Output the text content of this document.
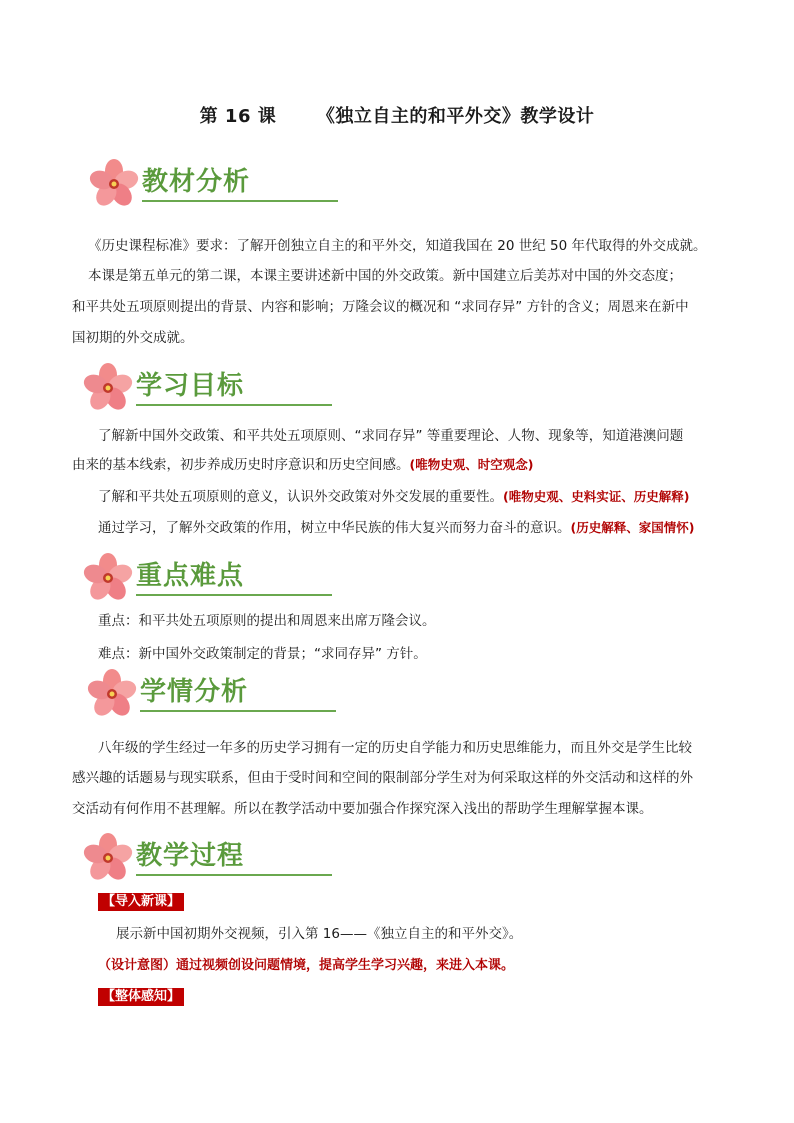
第 16 课      《独立自主的和平外交》教学设计
教材分析
《历史课程标准》要求：了解开创独立自主的和平外交，知道我国在 20 世纪 50 年代取得的外交成就。
本课是第五单元的第二课，本课主要讲述新中国的外交政策。新中国建立后美苏对中国的外交态度；
和平共处五项原则提出的背景、内容和影响；万隆会议的概况和 “求同存异” 方针的含义；周恩来在新中
国初期的外交成就。
学习目标
了解新中国外交政策、和平共处五项原则、“求同存异” 等重要理论、人物、现象等，知道港澳问题
由来的基本线索，初步养成历史时序意识和历史空间感。(唯物史观、时空观念)
了解和平共处五项原则的意义，认识外交政策对外交发展的重要性。(唯物史观、史料实证、历史解释)
通过学习，了解外交政策的作用，树立中华民族的伟大复兴而努力奋斗的意识。(历史解释、家国情怀)
重点难点
重点：和平共处五项原则的提出和周恩来出席万隆会议。
难点：新中国外交政策制定的背景；“求同存异” 方针。
学情分析
八年级的学生经过一年多的历史学习拥有一定的历史自学能力和历史思维能力，而且外交是学生比较
感兴趣的话题易与现实联系，但由于受时间和空间的限制部分学生对为何采取这样的外交活动和这样的外
交活动有何作用不甚理解。所以在教学活动中要加强合作探究深入浅出的帮助学生理解掌握本课。
教学过程
【导入新课】
展示新中国初期外交视频，引入第 16——《独立自主的和平外交》。
（设计意图）通过视频创设问题情境，提高学生学习兴趣，来进入本课。
【整体感知】
